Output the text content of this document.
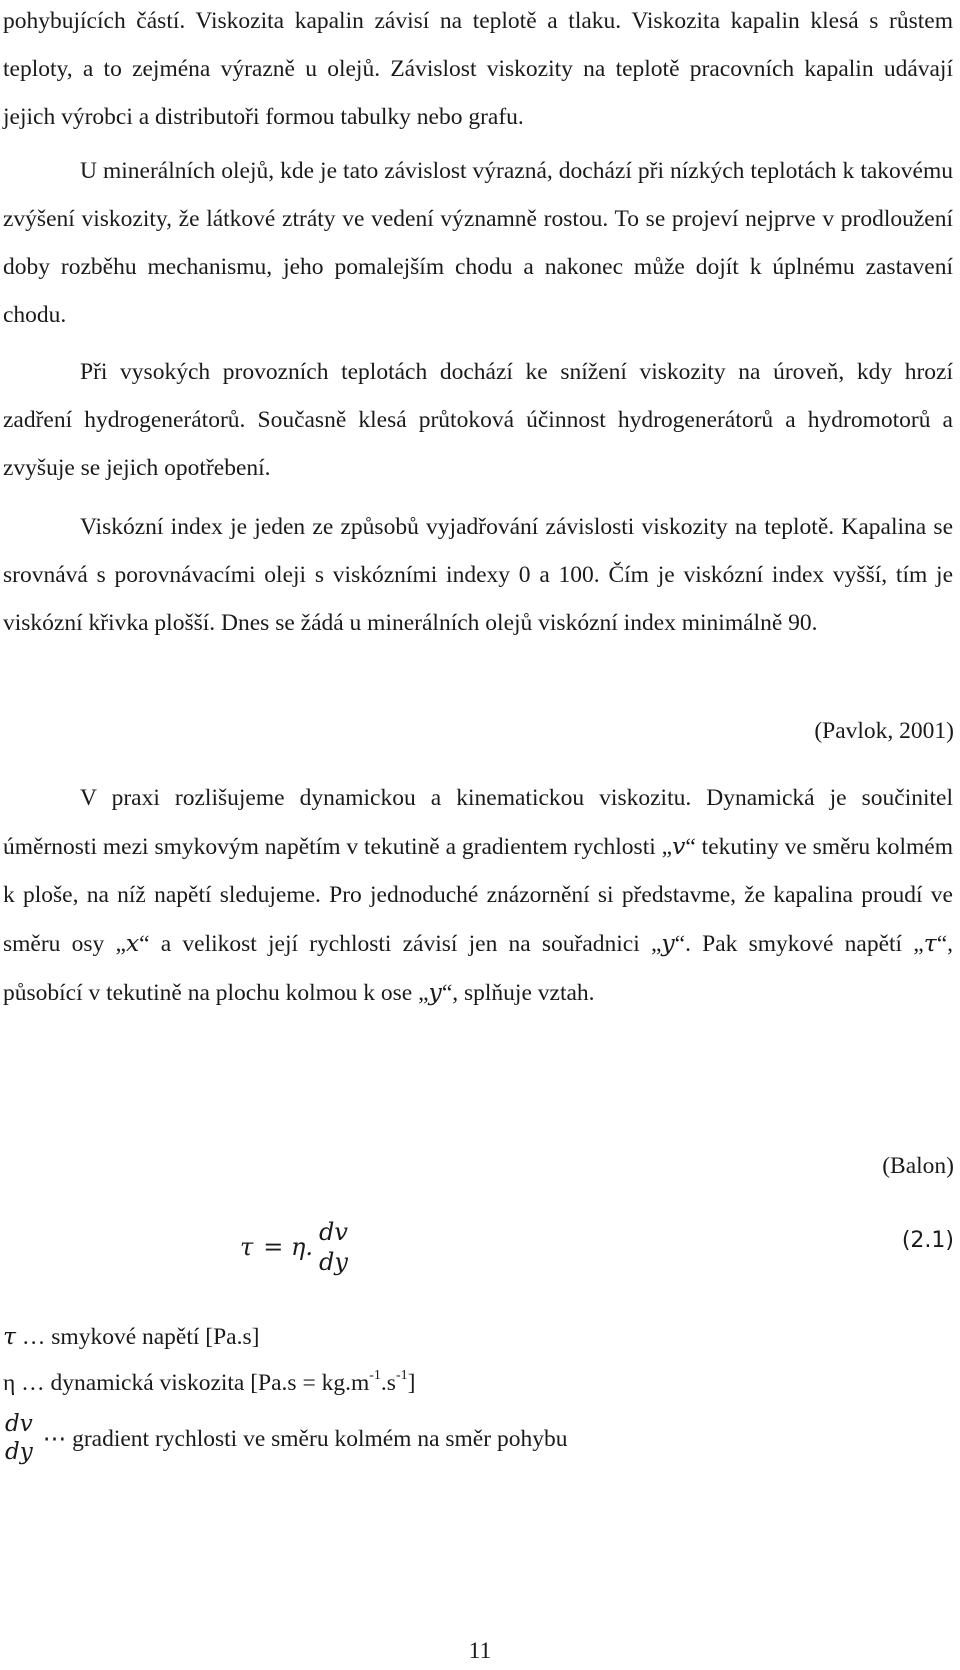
pohybujících částí. Viskozita kapalin závisí na teplotě a tlaku. Viskozita kapalin klesá s růstem teploty, a to zejména výrazně u olejů. Závislost viskozity na teplotě pracovních kapalin udávají jejich výrobci a distributoři formou tabulky nebo grafu.

U minerálních olejů, kde je tato závislost výrazná, dochází při nízkých teplotách k takovému zvýšení viskozity, že látkové ztráty ve vedení významně rostou. To se projeví nejprve v prodloužení doby rozběhu mechanismu, jeho pomalejším chodu a nakonec může dojít k úplnému zastavení chodu.

Při vysokých provozních teplotách dochází ke snížení viskozity na úroveň, kdy hrozí zadření hydrogenerátorů. Současně klesá průtoková účinnost hydrogenerátorů a hydromotorů a zvyšuje se jejich opotřebení.

Viskózní index je jeden ze způsobů vyjadřování závislosti viskozity na teplotě. Kapalina se srovnává s porovnávacími oleji s viskózními indexy 0 a 100. Čím je viskózní index vyšší, tím je viskózní křivka plošší. Dnes se žádá u minerálních olejů viskózní index minimálně 90.

(Pavlok, 2001)

V praxi rozlišujeme dynamickou a kinematickou viskozitu. Dynamická je součinitel úměrnosti mezi smykovým napětím v tekutině a gradientem rychlosti „v“ tekutiny ve směru kolmém k ploše, na níž napětí sledujeme. Pro jednoduché znázornění si představme, že kapalina proudí ve směru osy „x“ a velikost její rychlosti závisí jen na souřadnici „y“. Pak smykové napětí „τ“, působící v tekutině na plochu kolmou k ose „y“, splňuje vztah.

(Balon)
τ = η.
dv
dy
(2.1)
τ … smykové napětí [Pa.s]
η … dynamická viskozita $[Pa.s = kg.m^{-1}.s^{-1}]$
dv
dy
⋯ gradient rychlosti ve směru kolmém na směr pohybu
11
